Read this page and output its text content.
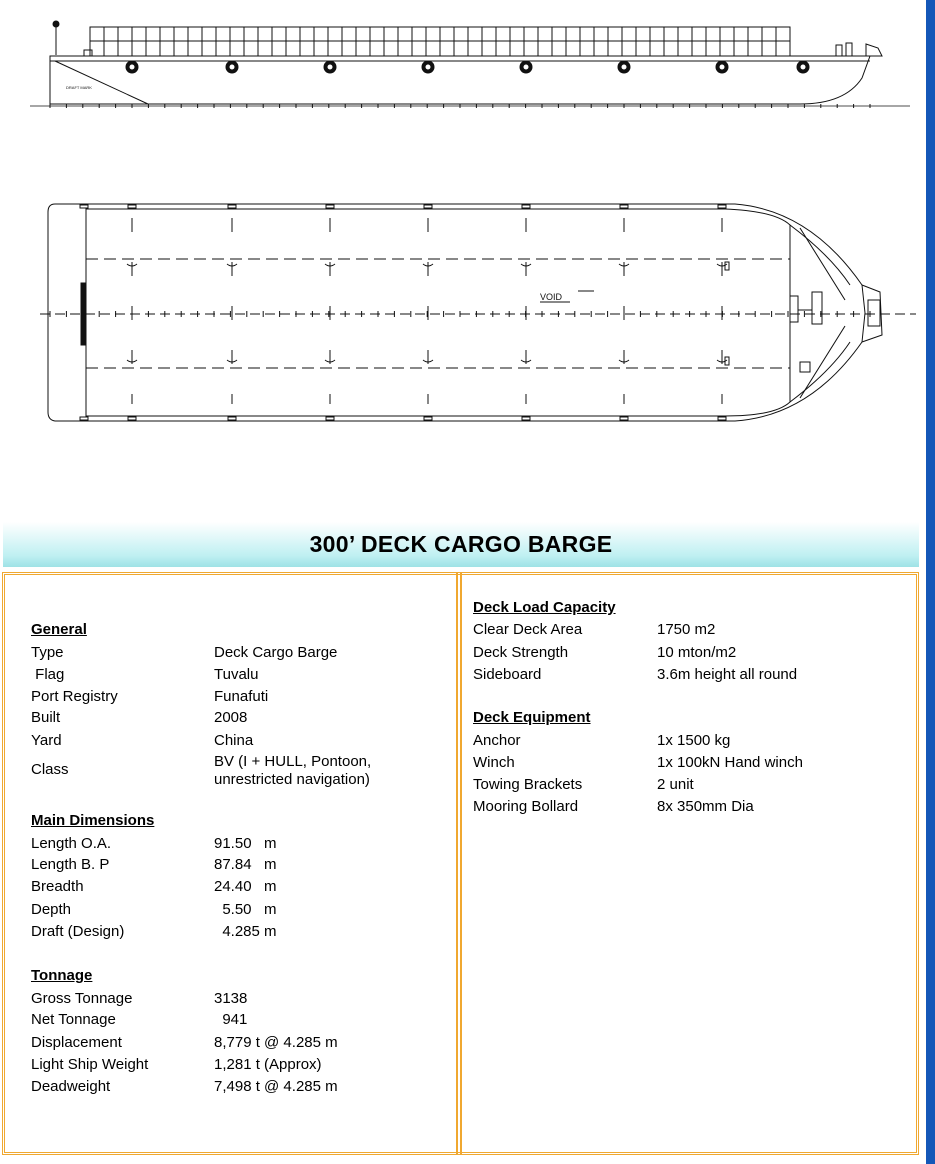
DRAFT MARK
VOID
300’ DECK CARGO BARGE
General
Type	Deck Cargo Barge
Flag	Tuvalu
Port Registry	Funafuti
Built	2008
Yard	China
Class	BV (I + HULL, Pontoon,
unrestricted navigation)
Main Dimensions
Length O.A.	91.50   m
Length B. P	87.84   m
Breadth	24.40   m
Depth	5.50   m
Draft (Design)	4.285 m
Tonnage
Gross Tonnage	3138
Net Tonnage	941
Displacement	8,779 t @ 4.285 m
Light Ship Weight	1,281 t (Approx)
Deadweight	7,498 t @ 4.285 m
Deck Load Capacity
Clear Deck Area	1750 m2
Deck Strength	10 mton/m2
Sideboard	3.6m height all round
Deck Equipment
Anchor	1x 1500 kg
Winch	1x 100kN Hand winch
Towing Brackets	2 unit
Mooring Bollard	8x 350mm Dia
